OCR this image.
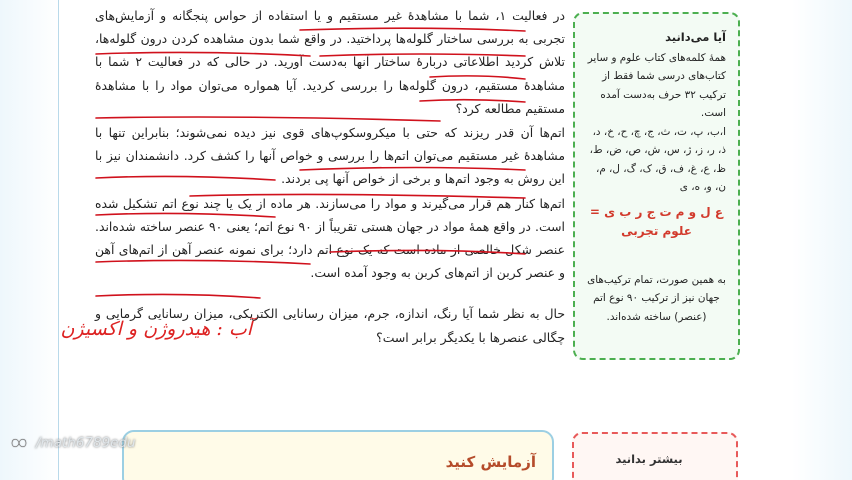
در فعالیت ۱، شما با مشاهدهٔ غیر مستقیم و یا استفاده از حواس پنجگانه و آزمایش‌های تجربی به بررسی ساختار گلوله‌ها پرداختید. در واقع شما بدون مشاهده کردن درون گلوله‌ها، تلاش کردید اطلاعاتی دربارهٔ ساختار آنها به‌دست آورید. در حالی که در فعالیت ۲ شما با مشاهدهٔ مستقیم، درون گلوله‌ها را بررسی کردید. آیا همواره می‌توان مواد را با مشاهدهٔ مستقیم مطالعه کرد؟

اتم‌ها آن قدر ریزند که حتی با میکروسکوپ‌های قوی نیز دیده نمی‌شوند؛ بنابراین تنها با مشاهدهٔ غیر مستقیم می‌توان اتم‌ها را بررسی و خواص آنها را کشف کرد. دانشمندان نیز با این روش به وجود اتم‌ها و برخی از خواص آنها پی بردند.

اتم‌ها کنار هم قرار می‌گیرند و مواد را می‌سازند. هر ماده از یک یا چند نوع اتم تشکیل شده است. در واقع همهٔ مواد در جهان هستی تقریباً از ۹۰ نوع اتم؛ یعنی ۹۰ عنصر ساخته شده‌اند. عنصر شکل خالصی از ماده است که یک نوع اتم دارد؛ برای نمونه عنصر آهن از اتم‌های آهن و عنصر کربن از اتم‌های کربن به وجود آمده است.

حال به نظر شما آیا رنگ، اندازه، جرم، میزان رسانایی الکتریکی، میزان رسانایی گرمایی و چگالی عنصرها با یکدیگر برابر است؟

آیا می‌دانید

همهٔ کلمه‌های کتاب علوم و سایر کتاب‌های درسی شما فقط از ترکیب ۳۲ حرف به‌دست آمده است.

ا،ب، پ، ت، ث، ج، چ، ح، خ، د، ذ، ر، ز، ژ، س، ش، ص، ض، ط، ظ، ع، غ، ف، ق، ک، گ، ل، م، ن، و، ه، ی

ع ل و م ت ج ر ب ی = علوم تجربی

به همین صورت، تمام ترکیب‌های جهان نیز از ترکیب ۹۰ نوع اتم (عنصر) ساخته شده‌اند.

آزمایش کنید	بیشتر بدانید
آب : هیدروژن و اکسیژن
/math6789edu
